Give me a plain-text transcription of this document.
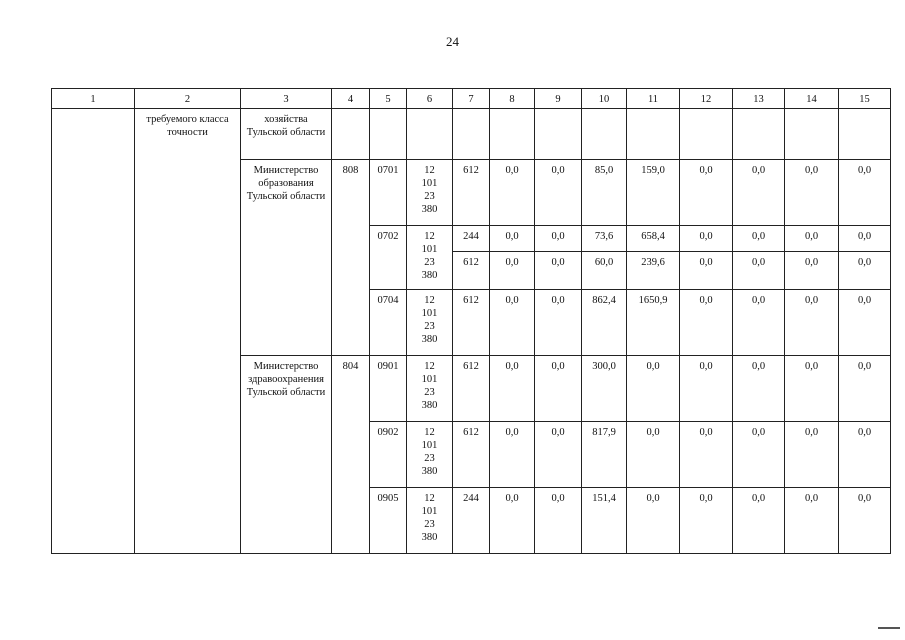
24
1	2	3	4	5	6	7	8	9	10	11	12	13	14	15
	требуемого класса точности	хозяйства Тульской области												
		Министерство образования Тульской области	808	0701	12
101
23
380	612	0,0	0,0	85,0	159,0	0,0	0,0	0,0	0,0
				0702	12
101
23
380	244	0,0	0,0	73,6	658,4	0,0	0,0	0,0	0,0
						612	0,0	0,0	60,0	239,6	0,0	0,0	0,0	0,0
				0704	12
101
23
380	612	0,0	0,0	862,4	1650,9	0,0	0,0	0,0	0,0
		Министерство здравоохранения Тульской области	804	0901	12
101
23
380	612	0,0	0,0	300,0	0,0	0,0	0,0	0,0	0,0
				0902	12
101
23
380	612	0,0	0,0	817,9	0,0	0,0	0,0	0,0	0,0
				0905	12
101
23
380	244	0,0	0,0	151,4	0,0	0,0	0,0	0,0	0,0
